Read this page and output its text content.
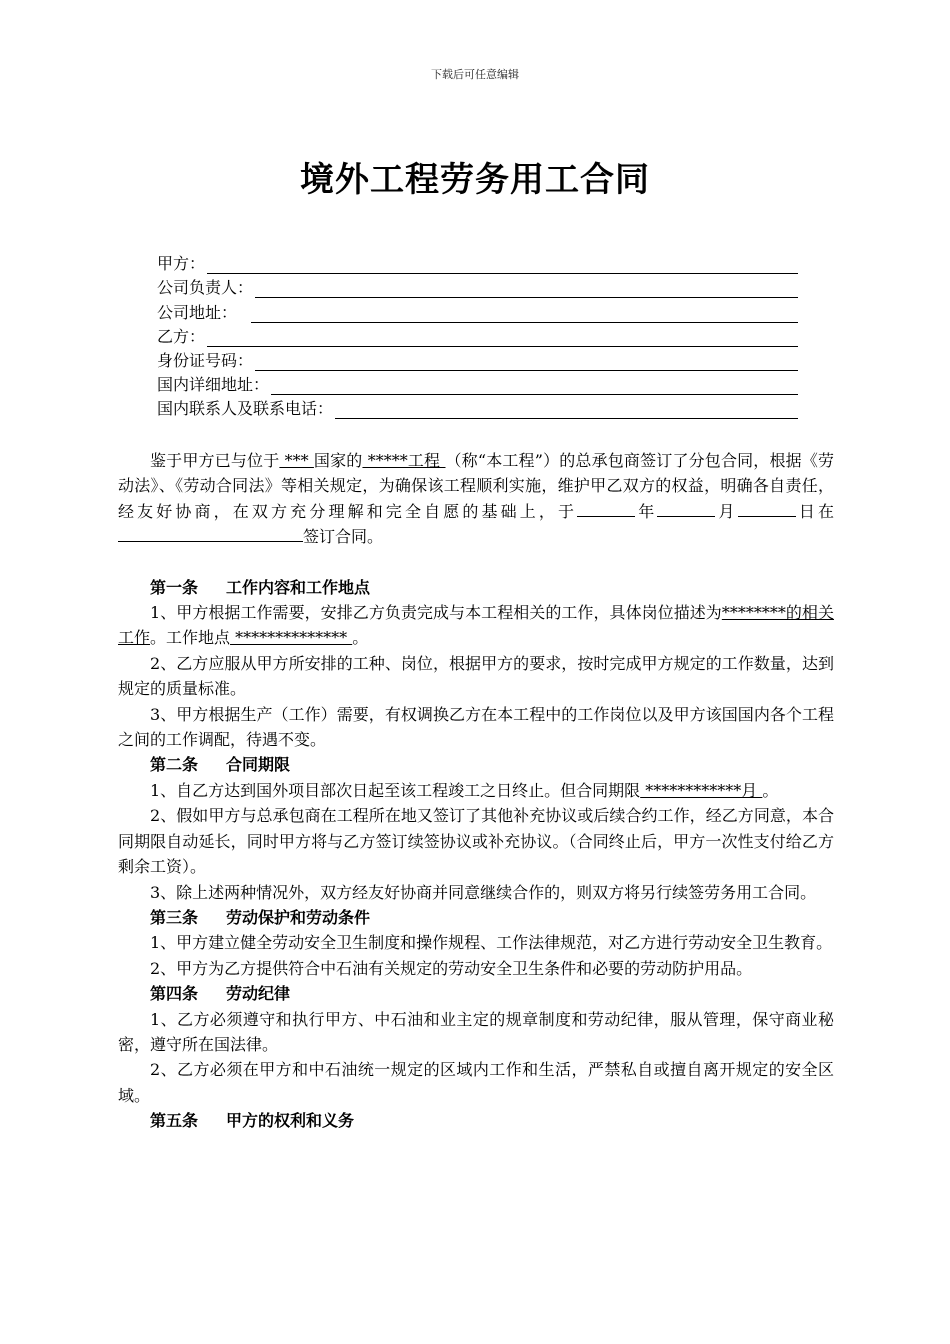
下载后可任意编辑
境外工程劳务用工合同
甲方：
公司负责人：
公司地址：
乙方：
身份证号码：
国内详细地址：
国内联系人及联系电话：

鉴于甲方已与位于 *** 国家的 *****工程 （称“本工程”）的总承包商签订了分包合同，根据《劳动法》、《劳动合同法》等相关规定，为确保该工程顺利实施，维护甲乙双方的权益，明确各自责任，经友好协商，在双方充分理解和完全自愿的基础上，于	年	月	日在签订合同。

第一条 工作内容和工作地点

1、甲方根据工作需要，安排乙方负责完成与本工程相关的工作，具体岗位描述为********的相关工作。工作地点 ************** 。

2、乙方应服从甲方所安排的工种、岗位，根据甲方的要求，按时完成甲方规定的工作数量，达到规定的质量标准。

3、甲方根据生产（工作）需要，有权调换乙方在本工程中的工作岗位以及甲方该国国内各个工程之间的工作调配，待遇不变。

第二条 合同期限

1、自乙方达到国外项目部次日起至该工程竣工之日终止。但合同期限 ************月 。

2、假如甲方与总承包商在工程所在地又签订了其他补充协议或后续合约工作，经乙方同意，本合同期限自动延长，同时甲方将与乙方签订续签协议或补充协议。（合同终止后，甲方一次性支付给乙方剩余工资）。

3、除上述两种情况外，双方经友好协商并同意继续合作的，则双方将另行续签劳务用工合同。

第三条 劳动保护和劳动条件

1、甲方建立健全劳动安全卫生制度和操作规程、工作法律规范，对乙方进行劳动安全卫生教育。

2、甲方为乙方提供符合中石油有关规定的劳动安全卫生条件和必要的劳动防护用品。

第四条 劳动纪律

1、乙方必须遵守和执行甲方、中石油和业主定的规章制度和劳动纪律，服从管理，保守商业秘密，遵守所在国法律。

2、乙方必须在甲方和中石油统一规定的区域内工作和生活，严禁私自或擅自离开规定的安全区域。

第五条 甲方的权利和义务
